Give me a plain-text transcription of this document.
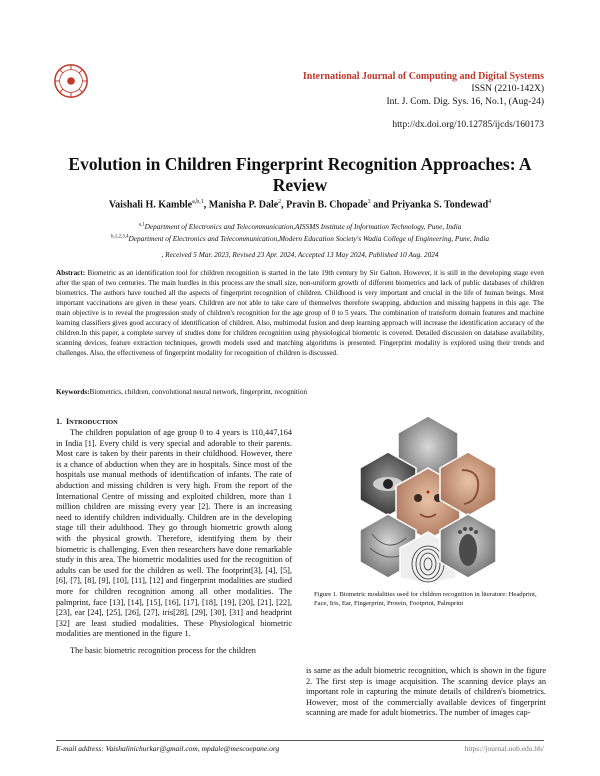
International Journal of Computing and Digital Systems
ISSN (2210-142X)
Int. J. Com. Dig. Sys. 16, No.1, (Aug-24)
http://dx.doi.org/10.12785/ijcds/160173
Evolution in Children Fingerprint Recognition Approaches: A Review
Vaishali H. Kamble$^{a,b,1}$, Manisha P. Dale$^2$, Pravin B. Chopade$^3$ and Priyanka S. Tondewad$^4$
$^{a,1}$Department of Electronics and Telecommunication,AISSMS Institute of Information Technology, Pune, India
$^{b,1,2,3,4}$Department of Electronics and Telecommunication,Modern Education Society's Wadia College of Engineering, Pune, India
, Received 5 Mar. 2023, Revised 23 Apr. 2024, Accepted 13 May 2024, Published 10 Aug. 2024
Abstract: Biometric as an identification tool for children recognition is started in the late 19th century by Sir Galton. However, it is still in the developing stage even after the span of two centuries. The main hurdles in this process are the small size, non-uniform growth of different biometrics and lack of public databases of children biometrics. The authors have touched all the aspects of fingerprint recognition of children. Childhood is very important and crucial in the life of human beings. Most important vaccinations are given in these years. Children are not able to take care of themselves therefore swapping, abduction and missing happens in this age. The main objective is to reveal the progression study of children's recognition for the age group of 0 to 5 years. The combination of transform domain features and machine learning classifiers gives good accuracy of identification of children. Also, multimodal fusion and deep learning approach will increase the identification accuracy of the children.In this paper, a complete survey of studies done for children recognition using physiological biometric is covered. Detailed discussion on database availability, scanning devices, feature extraction techniques, growth models used and matching algorithms is presented. Fingerprint modality is explored using their trends and challenges. Also, the effectiveness of fingerprint modality for recognition of children is discussed.
Keywords:Biometrics, children, convolutional neural network, fingerprint, recognition
1. INTRODUCTION

The children population of age group 0 to 4 years is 110,447,164 in India [1]. Every child is very special and adorable to their parents. Most care is taken by their parents in their childhood. However, there is a chance of abduction when they are in hospitals. Since most of the hospitals use manual methods of identification of infants. The rate of abduction and missing children is very high. From the report of the International Centre of missing and exploited children, more than 1 million children are missing every year [2]. There is an increasing need to identify children individually. Children are in the developing stage till their adulthood. They go through biometric growth along with the physical growth. Therefore, identifying them by their biometric is challenging. Even then researchers have done remarkable study in this area. The biometric modalities used for the recognition of adults can be used for the children as well. The footprint[3], [4], [5], [6], [7], [8], [9], [10], [11], [12] and fingerprint modalities are studied more for children recognition among all other modalities. The palmprint, face [13], [14], [15], [16], [17], [18], [19], [20], [21], [22], [23], ear [24], [25], [26], [27], iris[28], [29], [30], [31] and headprint [32] are least studied modalities. These Physiological biometric modalities are mentioned in the figure 1.

The basic biometric recognition process for the children

Figure 1. Biometric modalities used for children recognition in literature: Headprint, Face, Iris, Ear, Fingerprint, Protein, Footprint, Palmprint
is same as the adult biometric recognition, which is shown in the figure 2. The first step is image acquisition. The scanning device plays an important role in capturing the minute details of children's biometrics. However, most of the commercially available devices of fingerprint scanning are made for adult biometrics. The number of images cap-
E-mail address: Vaishalinichurkar@gmail.com, mpdale@mescoepune.org	https://journal.uob.edu.bh/
